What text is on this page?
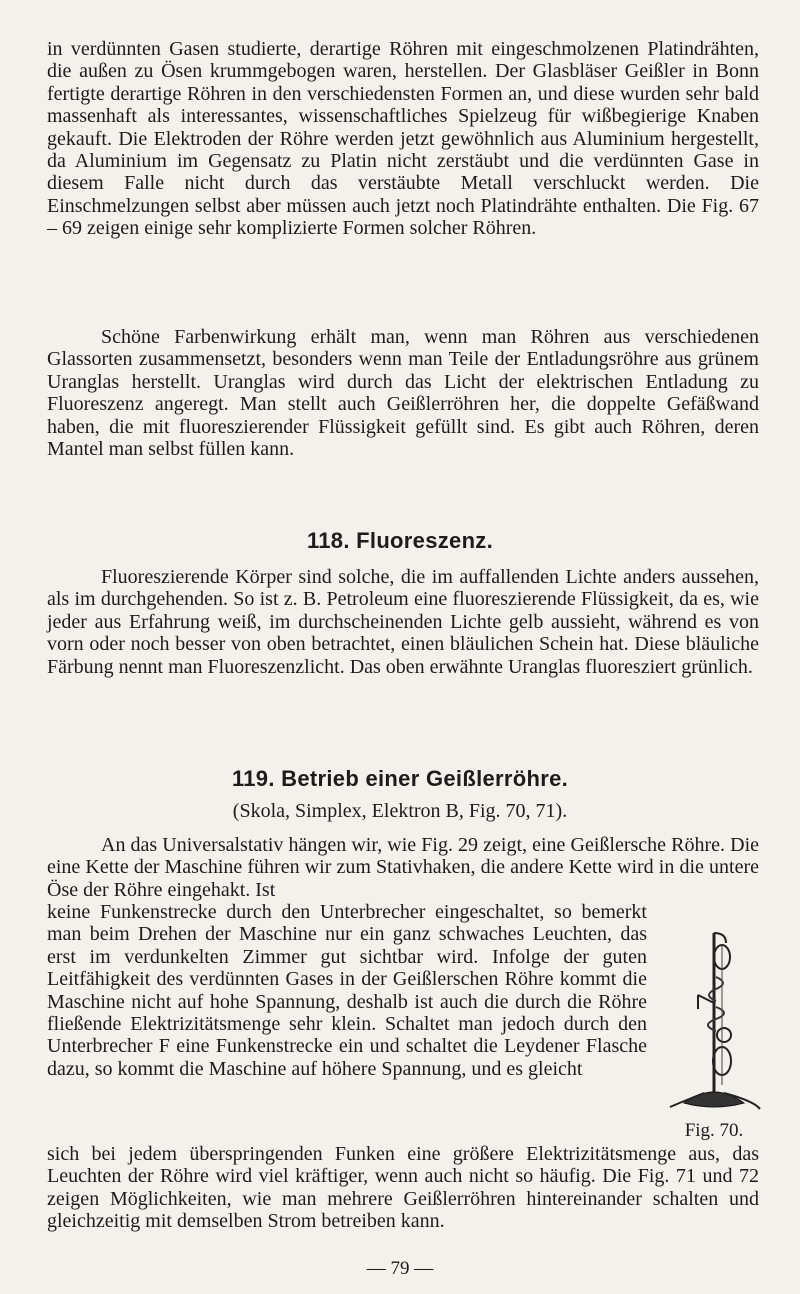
in verdünnten Gasen studierte, derartige Röhren mit eingeschmolzenen Platindrähten, die außen zu Ösen krummgebogen waren, herstellen. Der Glasbläser Geißler in Bonn fertigte derartige Röhren in den verschiedensten Formen an, und diese wurden sehr bald massenhaft als interessantes, wissenschaftliches Spielzeug für wißbegierige Knaben gekauft. Die Elektroden der Röhre werden jetzt gewöhnlich aus Aluminium hergestellt, da Aluminium im Gegensatz zu Platin nicht zerstäubt und die verdünnten Gase in diesem Falle nicht durch das verstäubte Metall verschluckt werden. Die Einschmelzungen selbst aber müssen auch jetzt noch Platindrähte enthalten. Die Fig. 67 – 69 zeigen einige sehr komplizierte Formen solcher Röhren.

Schöne Farbenwirkung erhält man, wenn man Röhren aus verschiedenen Glassorten zusammensetzt, besonders wenn man Teile der Entladungsröhre aus grünem Uranglas herstellt. Uranglas wird durch das Licht der elektrischen Entladung zu Fluoreszenz angeregt. Man stellt auch Geißlerröhren her, die doppelte Gefäßwand haben, die mit fluoreszierender Flüssigkeit gefüllt sind. Es gibt auch Röhren, deren Mantel man selbst füllen kann.

118. Fluoreszenz.

Fluoreszierende Körper sind solche, die im auffallenden Lichte anders aussehen, als im durchgehenden. So ist z. B. Petroleum eine fluoreszierende Flüssigkeit, da es, wie jeder aus Erfahrung weiß, im durchscheinenden Lichte gelb aussieht, während es von vorn oder noch besser von oben betrachtet, einen bläulichen Schein hat. Diese bläuliche Färbung nennt man Fluoreszenzlicht. Das oben erwähnte Uranglas fluoresziert grünlich.

119. Betrieb einer Geißlerröhre.

(Skola, Simplex, Elektron B, Fig. 70, 71).

An das Universalstativ hängen wir, wie Fig. 29 zeigt, eine Geißlersche Röhre. Die eine Kette der Maschine führen wir zum Stativhaken, die andere Kette wird in die untere Öse der Röhre eingehakt. Ist

keine Funkenstrecke durch den Unterbrecher eingeschaltet, so bemerkt man beim Drehen der Maschine nur ein ganz schwaches Leuchten, das erst im verdunkelten Zimmer gut sichtbar wird. Infolge der guten Leitfähigkeit des verdünnten Gases in der Geißlerschen Röhre kommt die Maschine nicht auf hohe Spannung, deshalb ist auch die durch die Röhre fließende Elektrizitätsmenge sehr klein. Schaltet man jedoch durch den Unterbrecher F eine Funkenstrecke ein und schaltet die Leydener Flasche dazu, so kommt die Maschine auf höhere Spannung, und es gleicht

Fig. 70.

sich bei jedem überspringenden Funken eine größere Elektrizitätsmenge aus, das Leuchten der Röhre wird viel kräftiger, wenn auch nicht so häufig. Die Fig. 71 und 72 zeigen Möglichkeiten, wie man mehrere Geißlerröhren hintereinander schalten und gleichzeitig mit demselben Strom betreiben kann.

— 79 —
